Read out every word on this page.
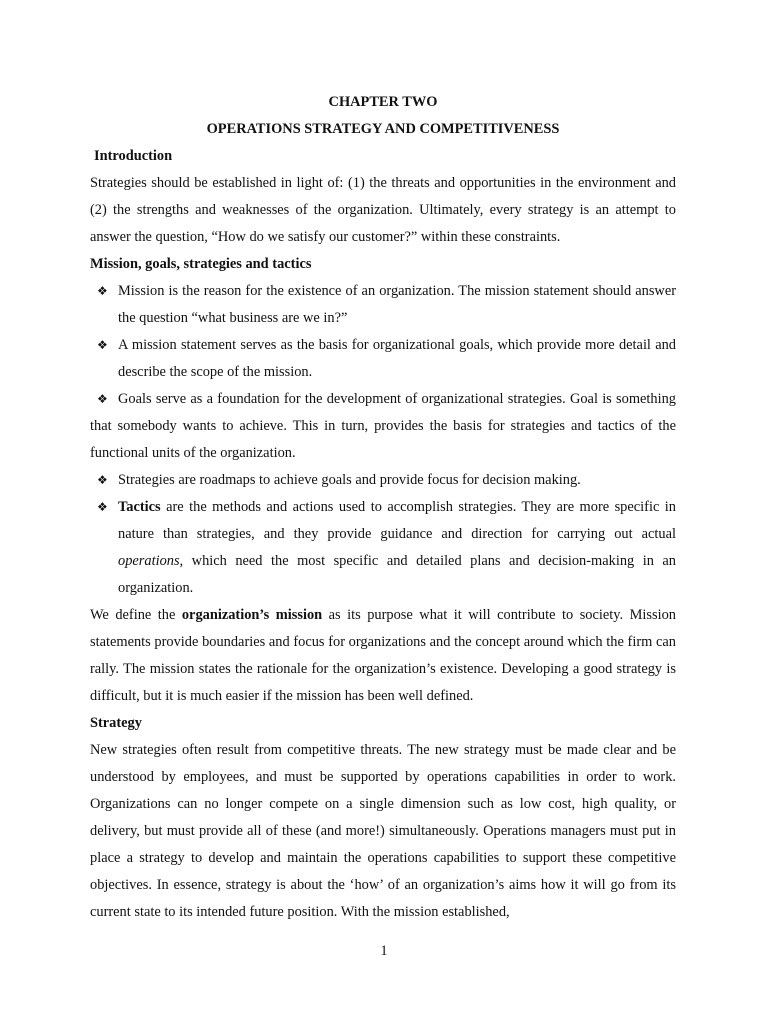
CHAPTER TWO

OPERATIONS STRATEGY AND COMPETITIVENESS

Introduction

Strategies should be established in light of: (1) the threats and opportunities in the environment and (2) the strengths and weaknesses of the organization. Ultimately, every strategy is an attempt to answer the question, “How do we satisfy our customer?” within these constraints.

Mission, goals, strategies and tactics

❖ Mission is the reason for the existence of an organization. The mission statement should answer the question “what business are we in?”
❖ A mission statement serves as the basis for organizational goals, which provide more detail and describe the scope of the mission.
❖ Goals serve as a foundation for the development of organizational strategies. Goal is something that somebody wants to achieve. This in turn, provides the basis for strategies and tactics of the functional units of the organization.
❖ Strategies are roadmaps to achieve goals and provide focus for decision making.
❖ Tactics are the methods and actions used to accomplish strategies. They are more specific in nature than strategies, and they provide guidance and direction for carrying out actual operations, which need the most specific and detailed plans and decision-making in an organization.

We define the organization’s mission as its purpose what it will contribute to society. Mission statements provide boundaries and focus for organizations and the concept around which the firm can rally. The mission states the rationale for the organization’s existence. Developing a good strategy is difficult, but it is much easier if the mission has been well defined.

Strategy

New strategies often result from competitive threats. The new strategy must be made clear and be understood by employees, and must be supported by operations capabilities in order to work. Organizations can no longer compete on a single dimension such as low cost, high quality, or delivery, but must provide all of these (and more!) simultaneously. Operations managers must put in place a strategy to develop and maintain the operations capabilities to support these competitive objectives. In essence, strategy is about the ‘how’ of an organization’s aims how it will go from its current state to its intended future position. With the mission established,

1
